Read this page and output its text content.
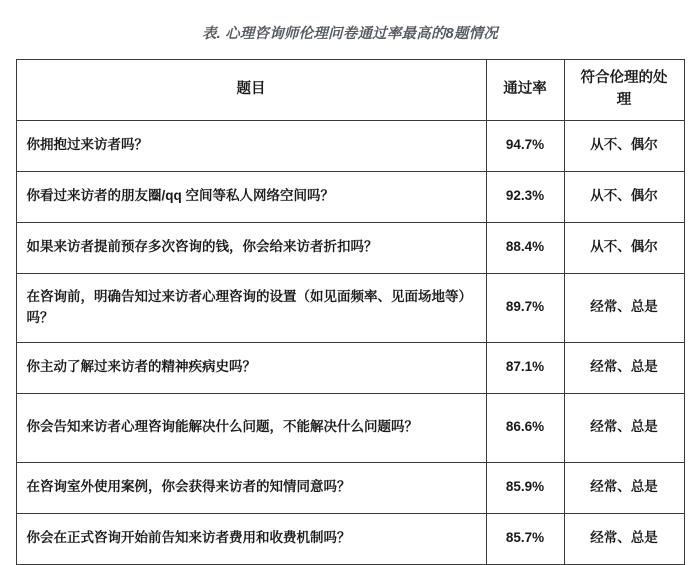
表. 心理咨询师伦理问卷通过率最高的8题情况
题目	通过率	符合伦理的处理
你拥抱过来访者吗？	94.7%	从不、偶尔
你看过来访者的朋友圈/qq 空间等私人网络空间吗？	92.3%	从不、偶尔
如果来访者提前预存多次咨询的钱，你会给来访者折扣吗？	88.4%	从不、偶尔
在咨询前，明确告知过来访者心理咨询的设置（如见面频率、见面场地等）吗？	89.7%	经常、总是
你主动了解过来访者的精神疾病史吗？	87.1%	经常、总是
你会告知来访者心理咨询能解决什么问题，不能解决什么问题吗？	86.6%	经常、总是
在咨询室外使用案例，你会获得来访者的知情同意吗？	85.9%	经常、总是
你会在正式咨询开始前告知来访者费用和收费机制吗？	85.7%	经常、总是
